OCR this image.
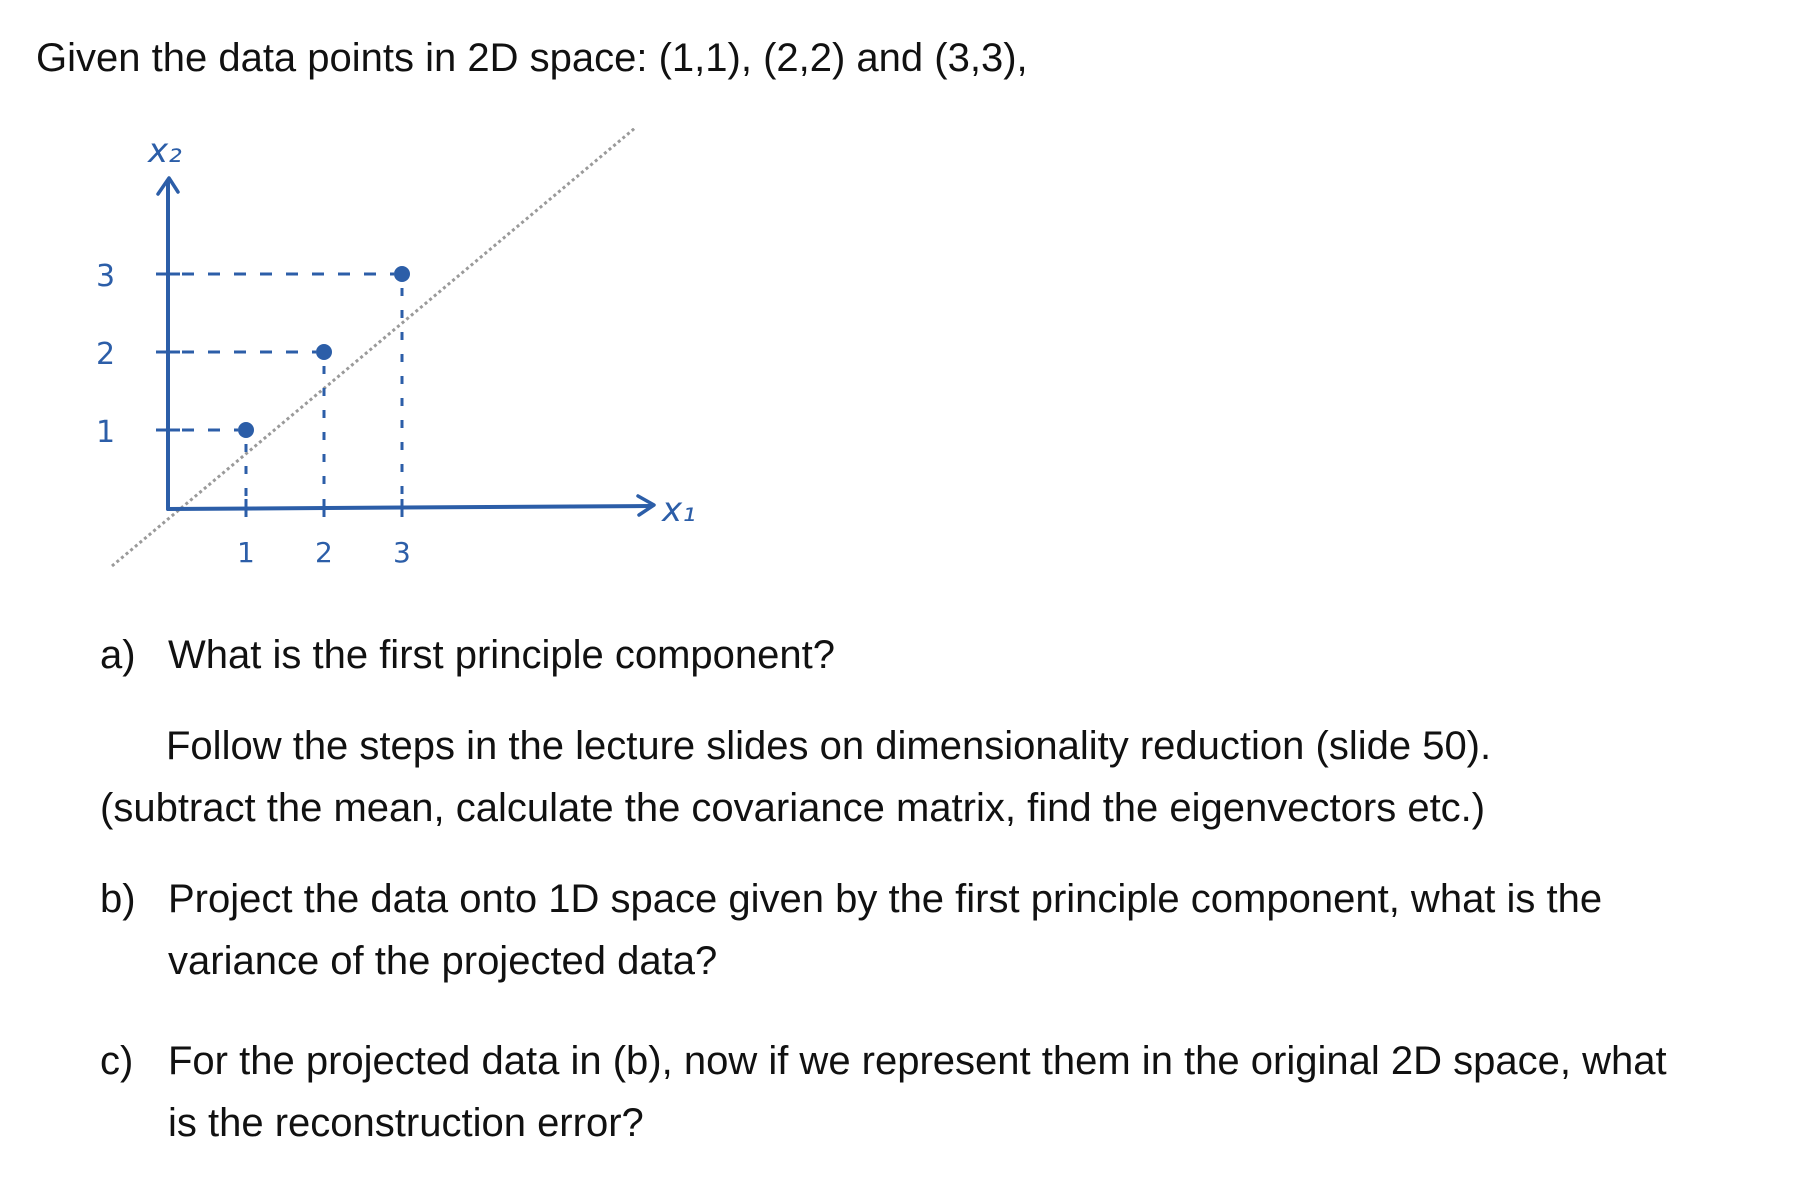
Given the data points in 2D space: (1,1), (2,2) and (3,3),

x₂
x₁
1 2 3
1
2
3

a) What is the first principle component?

Follow the steps in the lecture slides on dimensionality reduction (slide 50).

(subtract the mean, calculate the covariance matrix, find the eigenvectors etc.)

b) Project the data onto 1D space given by the first principle component, what is the
variance of the projected data?
c) For the projected data in (b), now if we represent them in the original 2D space, what
is the reconstruction error?
